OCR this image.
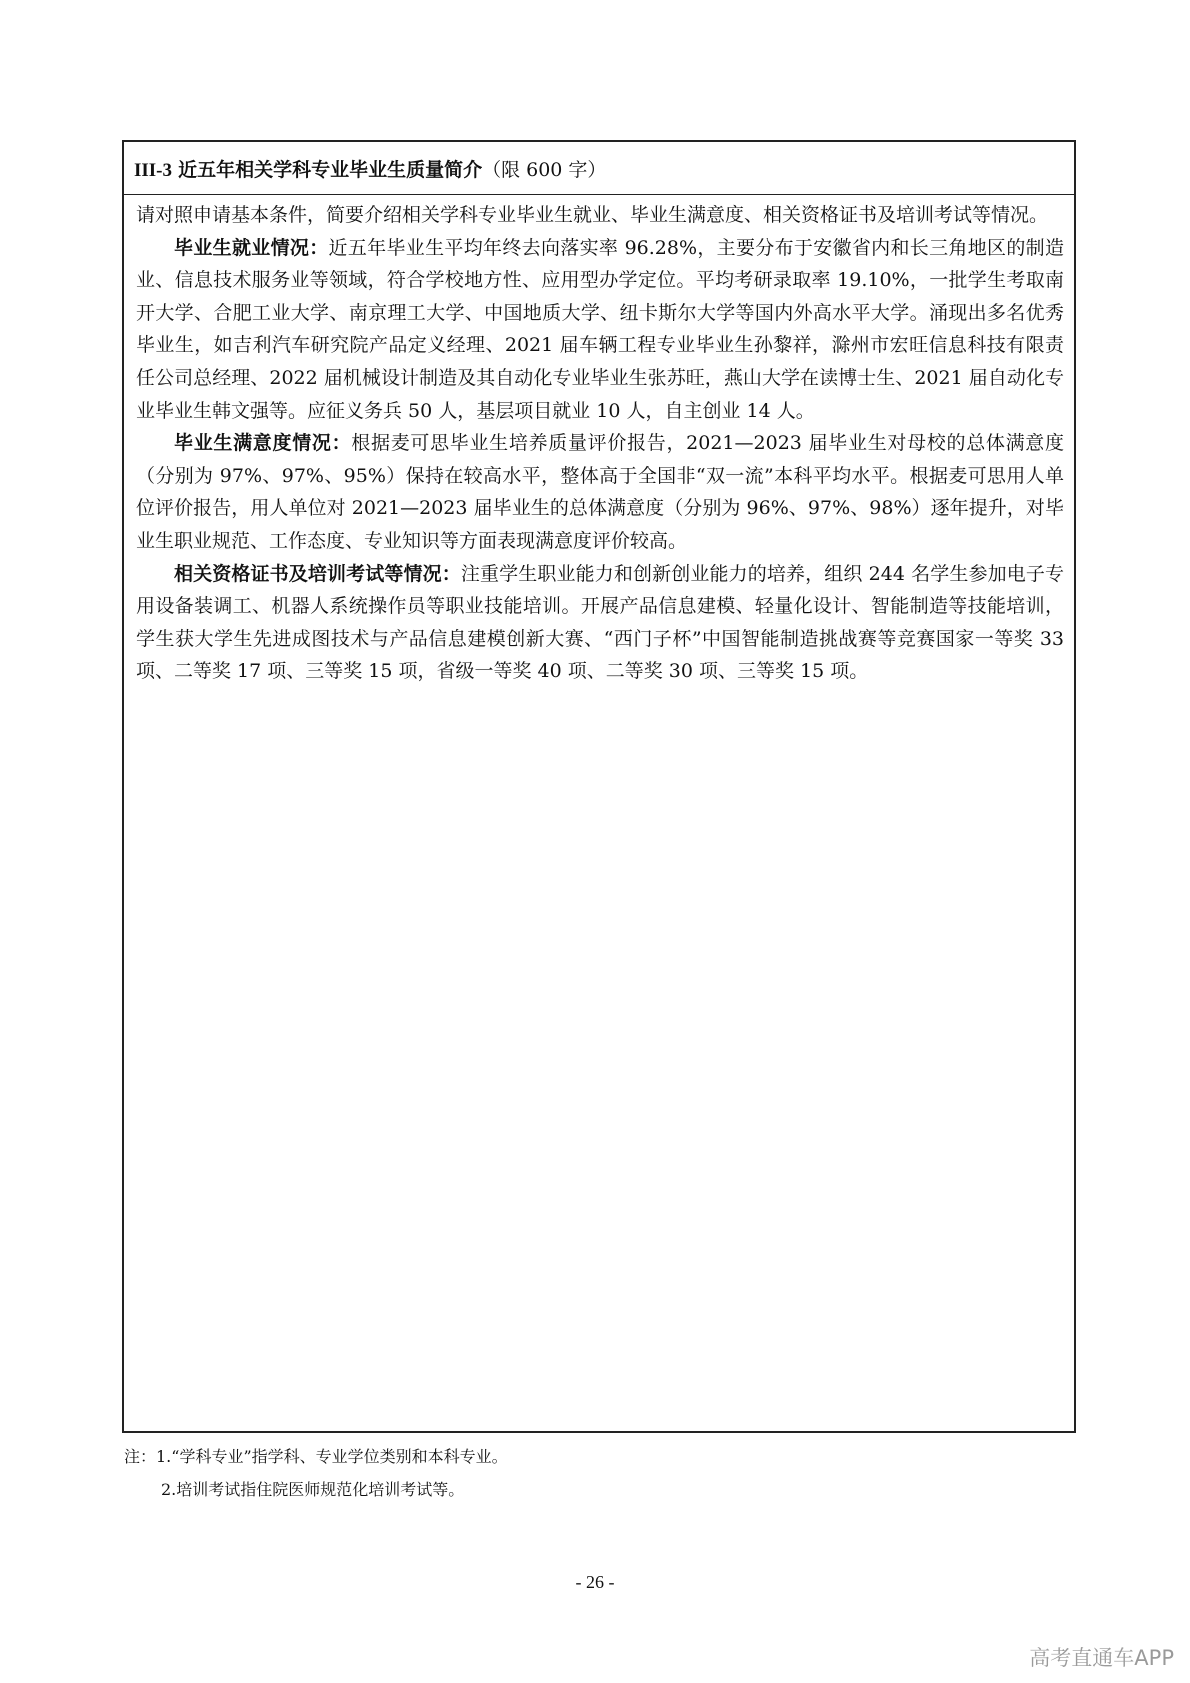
III-3 近五年相关学科专业毕业生质量简介（限 600 字）

请对照申请基本条件，简要介绍相关学科专业毕业生就业、毕业生满意度、相关资格证书及培训考试等情况。

毕业生就业情况：近五年毕业生平均年终去向落实率 96.28%，主要分布于安徽省内和长三角地区的制造业、信息技术服务业等领域，符合学校地方性、应用型办学定位。平均考研录取率 19.10%，一批学生考取南开大学、合肥工业大学、南京理工大学、中国地质大学、纽卡斯尔大学等国内外高水平大学。涌现出多名优秀毕业生，如吉利汽车研究院产品定义经理、2021 届车辆工程专业毕业生孙黎祥，滁州市宏旺信息科技有限责任公司总经理、2022 届机械设计制造及其自动化专业毕业生张苏旺，燕山大学在读博士生、2021 届自动化专业毕业生韩文强等。应征义务兵 50 人，基层项目就业 10 人，自主创业 14 人。

毕业生满意度情况：根据麦可思毕业生培养质量评价报告，2021—2023 届毕业生对母校的总体满意度（分别为 97%、97%、95%）保持在较高水平，整体高于全国非“双一流”本科平均水平。根据麦可思用人单位评价报告，用人单位对 2021—2023 届毕业生的总体满意度（分别为 96%、97%、98%）逐年提升，对毕业生职业规范、工作态度、专业知识等方面表现满意度评价较高。

相关资格证书及培训考试等情况：注重学生职业能力和创新创业能力的培养，组织 244 名学生参加电子专用设备装调工、机器人系统操作员等职业技能培训。开展产品信息建模、轻量化设计、智能制造等技能培训，学生获大学生先进成图技术与产品信息建模创新大赛、“西门子杯”中国智能制造挑战赛等竞赛国家一等奖 33 项、二等奖 17 项、三等奖 15 项，省级一等奖 40 项、二等奖 30 项、三等奖 15 项。

注：1.“学科专业”指学科、专业学位类别和本科专业。
2.培训考试指住院医师规范化培训考试等。
- 26 -
高考直通车APP
